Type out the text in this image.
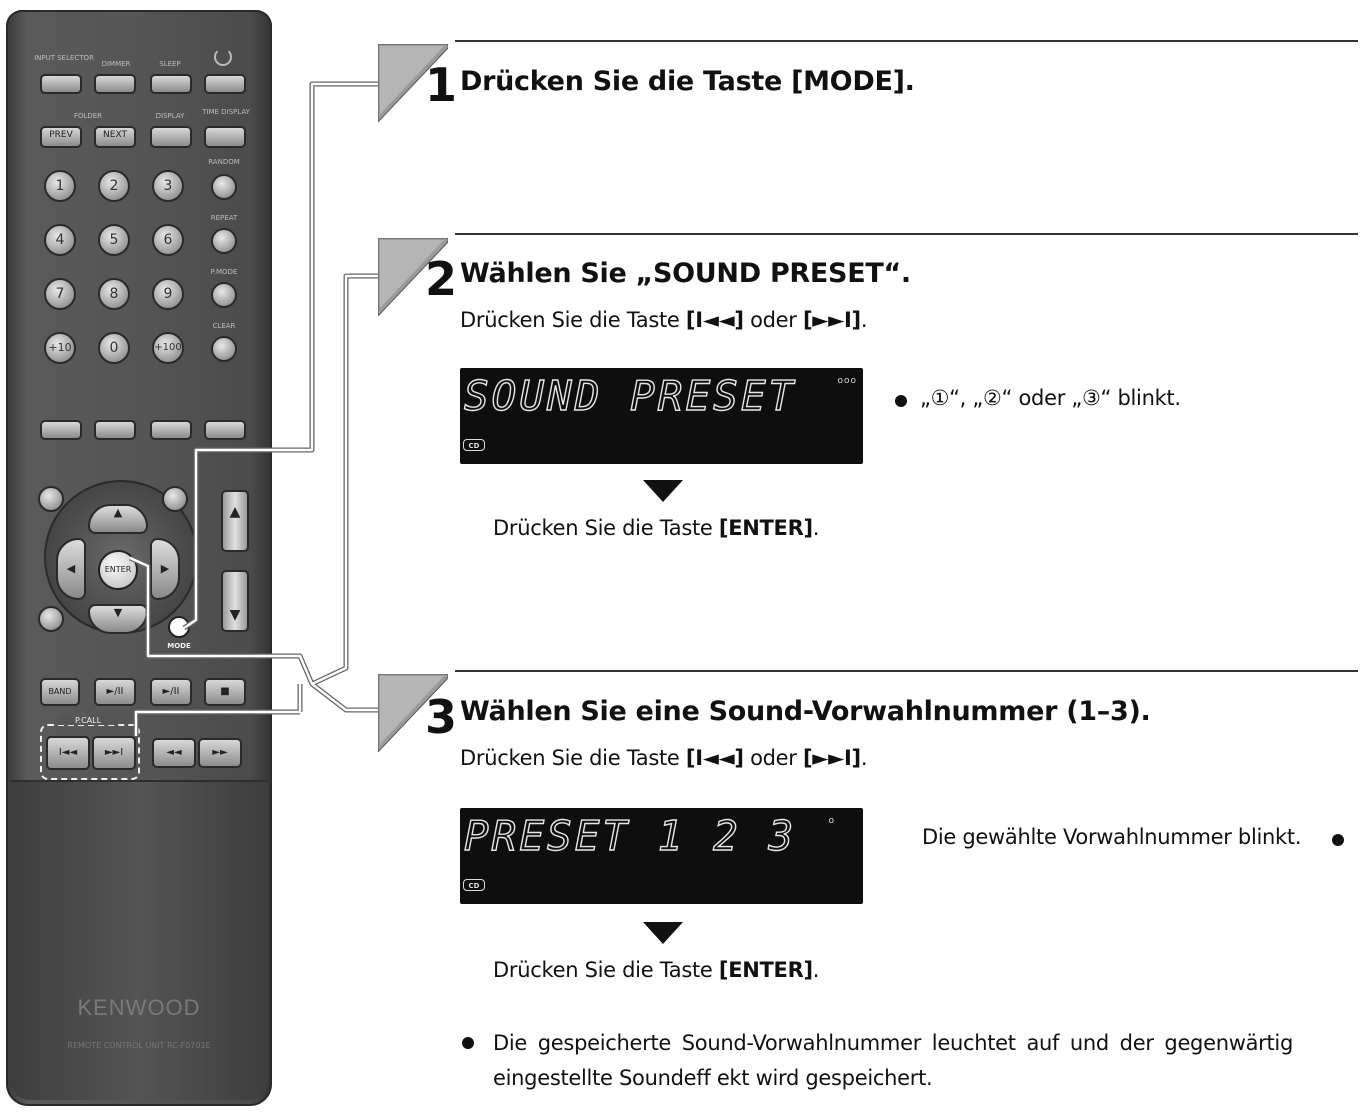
INPUT SELECTOR
DIMMER	SLEEP
FOLDER	DISPLAY	TIME DISPLAY
PREV	NEXT
1	2	3
RANDOM
4	5	6
REPEAT
7	8	9
P.MODE
+10	0	+100
CLEAR
▲
▼
◀	▶
ENTER
▲
▼
MODE
BAND	►/II	►/II	■
P.CALL
I◄◄	►►I	◄◄	►►
KENWOOD
REMOTE CONTROL UNIT RC-F0701E
1 Drücken Sie die Taste [MODE].
2 Wählen Sie „SOUND PRESET“.
Drücken Sie die Taste [I◄◄] oder [►►I].
SOUND PRESET	ooo
CD
„①“, „②“ oder „③“ blinkt.
Drücken Sie die Taste [ENTER].
3 Wählen Sie eine Sound-Vorwahlnummer (1–3).
Drücken Sie die Taste [I◄◄] oder [►►I].
PRESET 1 2 3	o
CD
Die gewählte Vorwahlnummer blinkt.
Drücken Sie die Taste [ENTER].
Die gespeicherte Sound-Vorwahlnummer leuchtet auf und der gegenwärtig eingestellte Soundeff ekt wird gespeichert.
